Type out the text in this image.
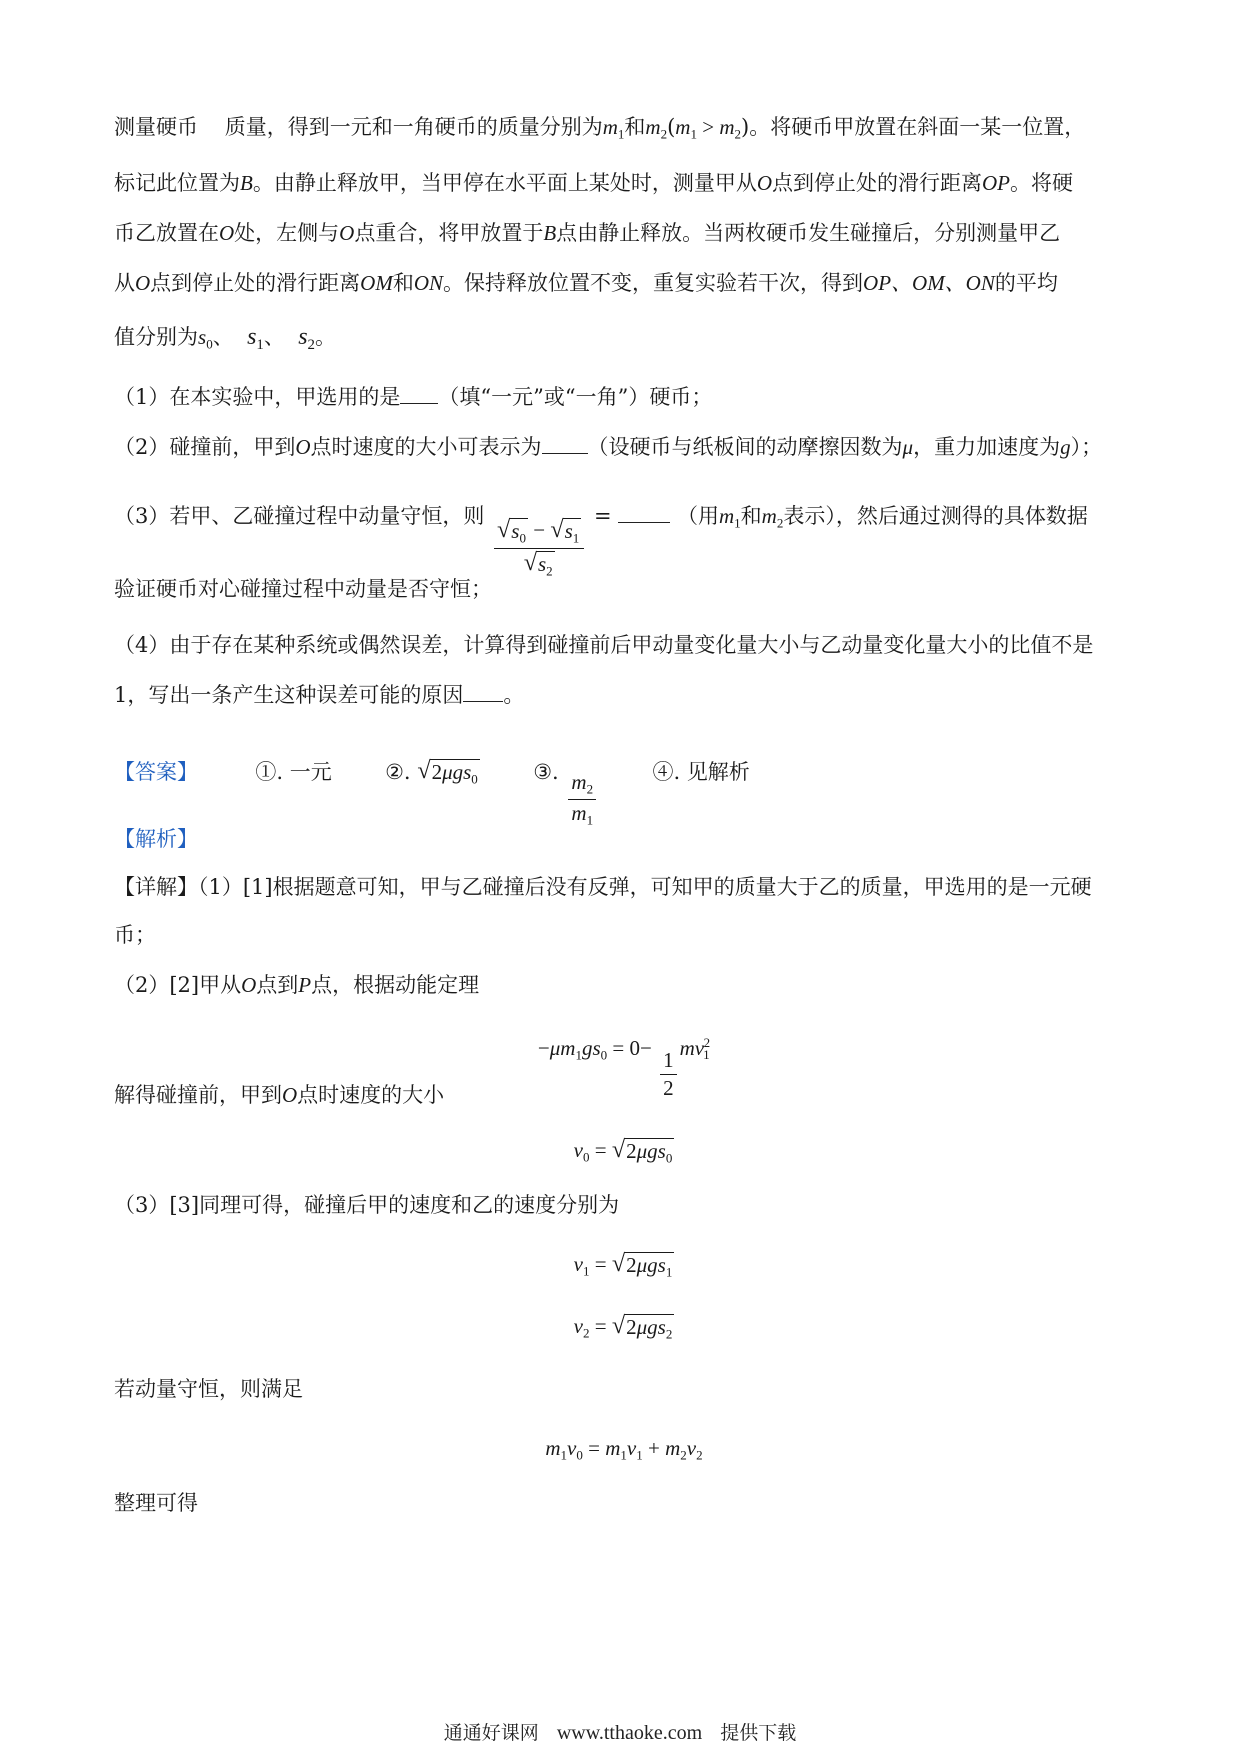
测量硬币 质量，得到一元和一角硬币的质量分别为$m_1$和$m_2(m_1 > m_2)$。将硬币甲放置在斜面一某一位置，
标记此位置为B。由静止释放甲，当甲停在水平面上某处时，测量甲从O点到停止处的滑行距离OP。将硬
币乙放置在O处，左侧与O点重合，将甲放置于B点由静止释放。当两枚硬币发生碰撞后，分别测量甲乙
从O点到停止处的滑行距离OM和ON。保持释放位置不变，重复实验若干次，得到OP、OM、ON的平均
值分别为$s_0$、 $s_1$、 $s_2$。
（1）在本实验中，甲选用的是 （填“一元”或“一角”）硬币；
（2）碰撞前，甲到O点时速度的大小可表示为 （设硬币与纸板间的动摩擦因数为μ，重力加速度为g）；
（3）若甲、乙碰撞过程中动量守恒，则
$\frac{√ s_0 - √ s_1}{√ s_2}$
=	（用$m_1$和$m_2$表示），然后通过测得的具体数据
验证硬币对心碰撞过程中动量是否守恒；
（4）由于存在某种系统或偶然误差，计算得到碰撞前后甲动量变化量大小与乙动量变化量大小的比值不是
1，写出一条产生这种误差可能的原因 。
【答案】	①. 一元	②. √ 2μgs$_0$	③. $\frac{m_2}{m_1}$	④. 见解析
【解析】
【详解】（1）[1]根据题意可知，甲与乙碰撞后没有反弹，可知甲的质量大于乙的质量，甲选用的是一元硬
币；
（2）[2]甲从O点到P点，根据动能定理
$-\mu m_1gs_0 = 0-$
$\frac{1}{2}$
$mv_1^2$
解得碰撞前，甲到O点时速度的大小
$v_0$ = √ 2μgs$_0$
（3）[3]同理可得，碰撞后甲的速度和乙的速度分别为
$v_1$ = √ 2μgs$_1$
$v_2$ = √ 2μgs$_2$
若动量守恒，则满足
$m_1v_0 = m_1v_1 + m_2v_2$
整理可得
通通好课网 www.tthaoke.com 提供下载
